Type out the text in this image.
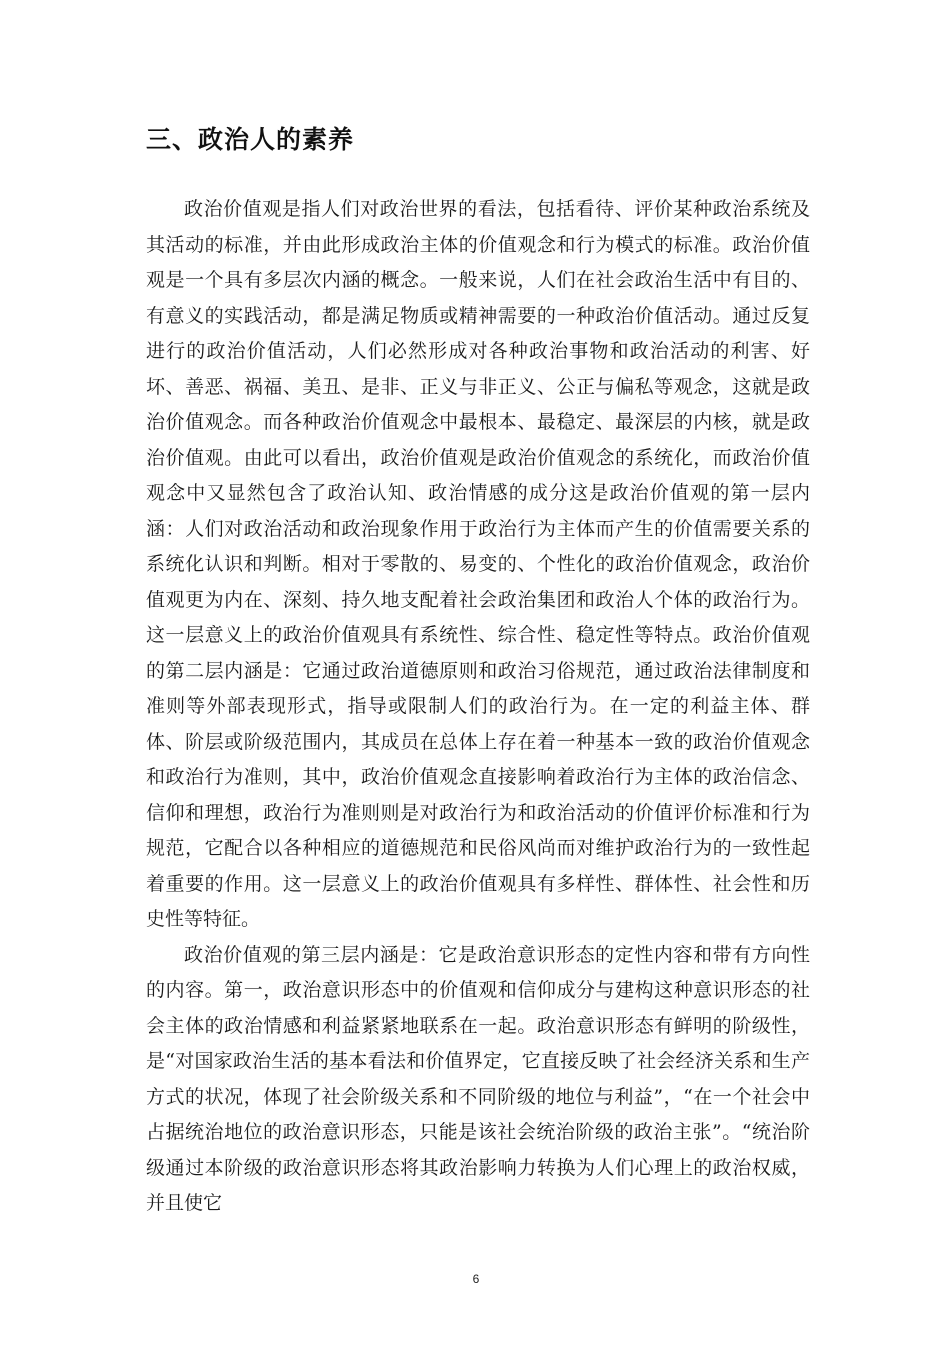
三、政治人的素养

政治价值观是指人们对政治世界的看法，包括看待、评价某种政治系统及其活动的标准，并由此形成政治主体的价值观念和行为模式的标准。政治价值观是一个具有多层次内涵的概念。一般来说，人们在社会政治生活中有目的、有意义的实践活动，都是满足物质或精神需要的一种政治价值活动。通过反复进行的政治价值活动，人们必然形成对各种政治事物和政治活动的利害、好坏、善恶、祸福、美丑、是非、正义与非正义、公正与偏私等观念，这就是政治价值观念。而各种政治价值观念中最根本、最稳定、最深层的内核，就是政治价值观。由此可以看出，政治价值观是政治价值观念的系统化，而政治价值观念中又显然包含了政治认知、政治情感的成分这是政治价值观的第一层内涵：人们对政治活动和政治现象作用于政治行为主体而产生的价值需要关系的系统化认识和判断。相对于零散的、易变的、个性化的政治价值观念，政治价值观更为内在、深刻、持久地支配着社会政治集团和政治人个体的政治行为。这一层意义上的政治价值观具有系统性、综合性、稳定性等特点。政治价值观的第二层内涵是：它通过政治道德原则和政治习俗规范，通过政治法律制度和准则等外部表现形式，指导或限制人们的政治行为。在一定的利益主体、群体、阶层或阶级范围内，其成员在总体上存在着一种基本一致的政治价值观念和政治行为准则，其中，政治价值观念直接影响着政治行为主体的政治信念、信仰和理想，政治行为准则则是对政治行为和政治活动的价值评价标准和行为规范，它配合以各种相应的道德规范和民俗风尚而对维护政治行为的一致性起着重要的作用。这一层意义上的政治价值观具有多样性、群体性、社会性和历史性等特征。

政治价值观的第三层内涵是：它是政治意识形态的定性内容和带有方向性的内容。第一，政治意识形态中的价值观和信仰成分与建构这种意识形态的社会主体的政治情感和利益紧紧地联系在一起。政治意识形态有鲜明的阶级性，是“对国家政治生活的基本看法和价值界定，它直接反映了社会经济关系和生产方式的状况，体现了社会阶级关系和不同阶级的地位与利益”，“在一个社会中占据统治地位的政治意识形态，只能是该社会统治阶级的政治主张”。“统治阶级通过本阶级的政治意识形态将其政治影响力转换为人们心理上的政治权威，并且使它

6
